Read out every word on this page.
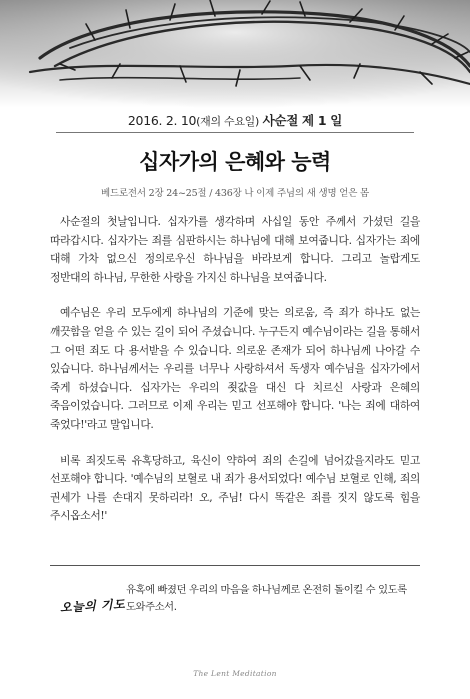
2016. 2. 10(재의 수요일) 사순절 제 1 일
십자가의 은혜와 능력
베드로전서 2장 24~25절 / 436장 나 이제 주님의 새 생명 얻은 몸

사순절의 첫날입니다. 십자가를 생각하며 사십일 동안 주께서 가셨던 길을 따라갑시다. 십자가는 죄를 심판하시는 하나님에 대해 보여줍니다. 십자가는 죄에 대해 가차 없으신 정의로우신 하나님을 바라보게 합니다. 그리고 놀랍게도 정반대의 하나님, 무한한 사랑을 가지신 하나님을 보여줍니다.

예수님은 우리 모두에게 하나님의 기준에 맞는 의로움, 즉 죄가 하나도 없는 깨끗함을 얻을 수 있는 길이 되어 주셨습니다. 누구든지 예수님이라는 길을 통해서 그 어떤 죄도 다 용서받을 수 있습니다. 의로운 존재가 되어 하나님께 나아갈 수 있습니다. 하나님께서는 우리를 너무나 사랑하셔서 독생자 예수님을 십자가에서 죽게 하셨습니다. 십자가는 우리의 죗값을 대신 다 치르신 사랑과 은혜의 죽음이었습니다. 그러므로 이제 우리는 믿고 선포해야 합니다. '나는 죄에 대하여 죽었다!'라고 말입니다.

비록 죄짓도록 유혹당하고, 육신이 약하여 죄의 손길에 넘어갔을지라도 믿고 선포해야 합니다. '예수님의 보혈로 내 죄가 용서되었다! 예수님 보혈로 인해, 죄의 권세가 나를 손대지 못하리라! 오, 주님! 다시 똑같은 죄를 짓지 않도록 힘을 주시옵소서!'

오늘의 기도
유혹에 빠졌던 우리의 마음을 하나님께로 온전히 돌이킬 수 있도록 도와주소서.
The Lent Meditation
